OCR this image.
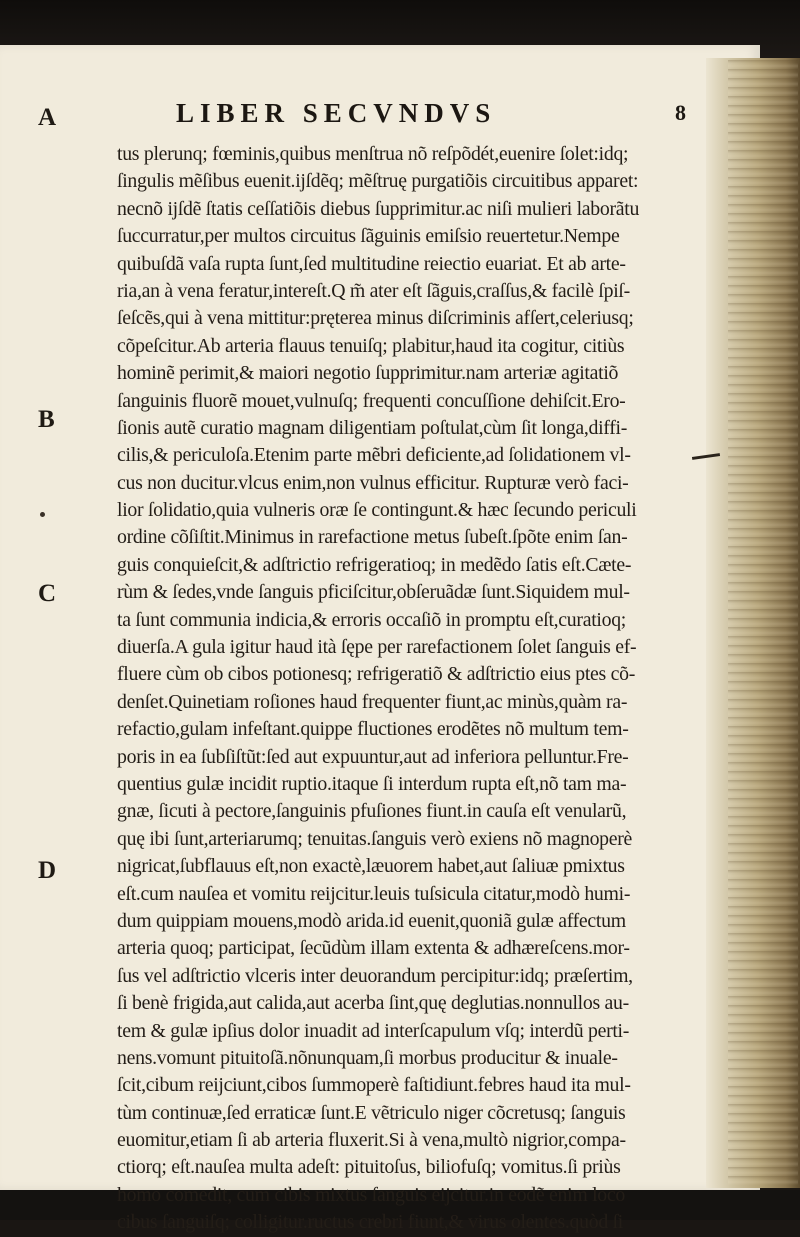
LIBER SECVNDVS	8
A
B
C
D
tus plerunq; fœminis,quibus menſtrua nõ reſpõdét,euenire ſolet:idq;
ſingulis mẽſibus euenit.ijſdẽq; mẽſtruę purgatiõis circuitibus apparet:
necnõ ijſdẽ ſtatis ceſſatiõis diebus ſupprimitur.ac niſi mulieri laborãtu
ſuccurratur,per multos circuitus ſãguinis emiſsio reuertetur.Nempe
quibuſdã vaſa rupta ſunt,ſed multitudine reiectio euariat. Et ab arte-
ria,an à vena feratur,intereſt.Q m̃ ater eſt ſãguis,craſſus,& facilè ſpiſ-
ſeſcẽs,qui à vena mittitur:pręterea minus diſcriminis afſert,celeriusq;
cõpeſcitur.Ab arteria flauus tenuiſq; plabitur,haud ita cogitur, citiùs
hominẽ perimit,& maiori negotio ſupprimitur.nam arteriæ agitatiõ
ſanguinis fluorẽ mouet,vulnuſq; frequenti concuſſione dehiſcit.Ero-
ſionis autẽ curatio magnam diligentiam poſtulat,cùm ſit longa,diffi-
cilis,& periculoſa.Etenim parte mẽbri deficiente,ad ſolidationem vl-
cus non ducitur.vlcus enim,non vulnus efficitur. Rupturæ verò faci-
lior ſolidatio,quia vulneris oræ ſe contingunt.& hæc ſecundo periculi
ordine cõſiſtit.Minimus in rarefactione metus ſubeſt.ſpõte enim ſan-
guis conquieſcit,& adſtrictio refrigeratioq; in medẽdo ſatis eſt.Cæte-
rùm & ſedes,vnde ſanguis pficiſcitur,obſeruãdæ ſunt.Siquidem mul-
ta ſunt communia indicia,& erroris occaſiõ in promptu eſt,curatioq;
diuerſa.A gula igitur haud ità ſępe per rarefactionem ſolet ſanguis ef-
fluere cùm ob cibos potionesq; refrigeratiõ & adſtrictio eius ptes cõ-
denſet.Quinetiam roſiones haud frequenter fiunt,ac minùs,quàm ra-
refactio,gulam infeſtant.quippe fluctiones erodẽtes nõ multum tem-
poris in ea ſubſiſtũt:ſed aut expuuntur,aut ad inferiora pelluntur.Fre-
quentius gulæ incidit ruptio.itaque ſi interdum rupta eſt,nõ tam ma-
gnæ, ſicuti à pectore,ſanguinis pfuſiones fiunt.in cauſa eſt venularũ,
quę ibi ſunt,arteriarumq; tenuitas.ſanguis verò exiens nõ magnoperè
nigricat,ſubflauus eſt,non exactè,læuorem habet,aut ſaliuæ pmixtus
eſt.cum nauſea et vomitu reijcitur.leuis tuſsicula citatur,modò humi-
dum quippiam mouens,modò arida.id euenit,quoniã gulæ affectum
arteria quoq; participat, ſecũdùm illam extenta & adhæreſcens.mor-
ſus vel adſtrictio vlceris inter deuorandum percipitur:idq; præſertim,
ſi benè frigida,aut calida,aut acerba ſint,quę deglutias.nonnullos au-
tem & gulæ ipſius dolor inuadit ad interſcapulum vſq; interdũ perti-
nens.vomunt pituitoſã.nõnunquam,ſi morbus producitur & inuale-
ſcit,cibum reijciunt,cibos ſummoperè faſtidiunt.febres haud ita mul-
tùm continuæ,ſed erraticæ ſunt.E vẽtriculo niger cõcretusq; ſanguis
euomitur,etiam ſi ab arteria fluxerit.Si à vena,multò nigrior,compa-
ctiorq; eſt.nauſea multa adeſt: pituitoſus, biliofuſq; vomitus.ſi priùs
homo comedit, cum cibis mixtus ſanguis eijcitur.in eodẽ enim loco
cibus ſanguiſq; colligitur.ructus crebri fiunt,& virus olentes.quòd ſi
